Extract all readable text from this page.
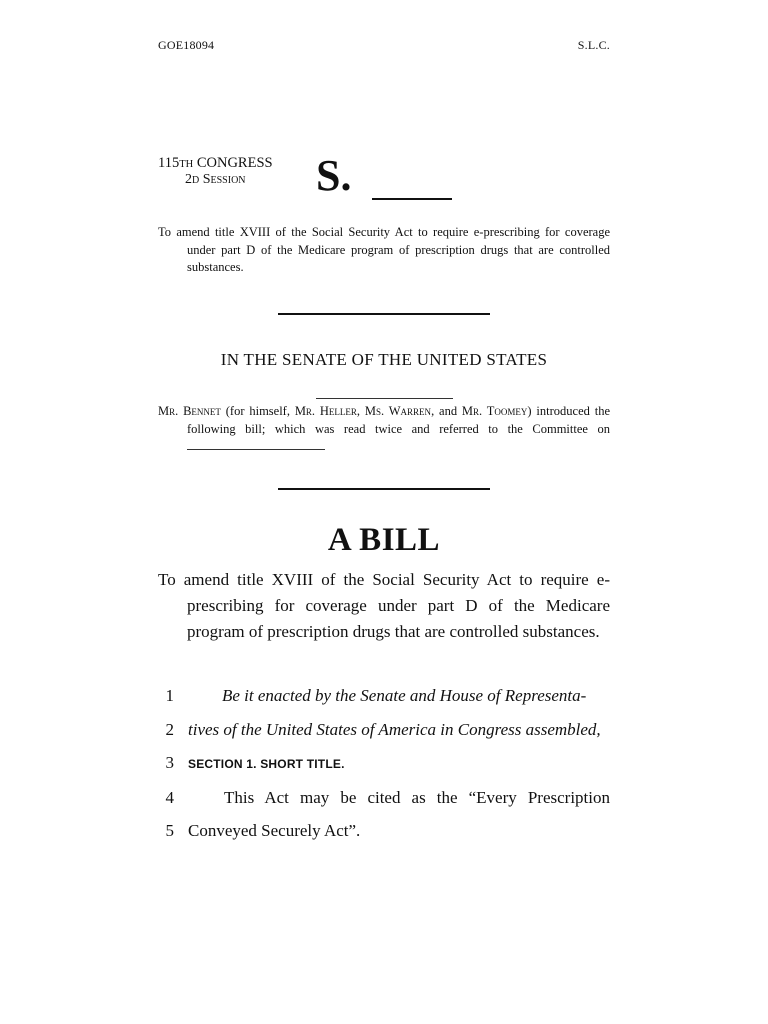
GOE18094	S.L.C.
115TH CONGRESS
2d Session S.
To amend title XVIII of the Social Security Act to require e-prescribing for coverage under part D of the Medicare program of prescription drugs that are controlled substances.
IN THE SENATE OF THE UNITED STATES
Mr. Bennet (for himself, Mr. Heller, Ms. Warren, and Mr. Toomey) introduced the following bill; which was read twice and referred to the Committee on
A BILL
To amend title XVIII of the Social Security Act to require e-prescribing for coverage under part D of the Medicare program of prescription drugs that are controlled substances.
1	Be it enacted by the Senate and House of Representa-
2 tives of the United States of America in Congress assembled,
3 SECTION 1. SHORT TITLE.
4	This Act may be cited as the “Every Prescription
5 Conveyed Securely Act”.
